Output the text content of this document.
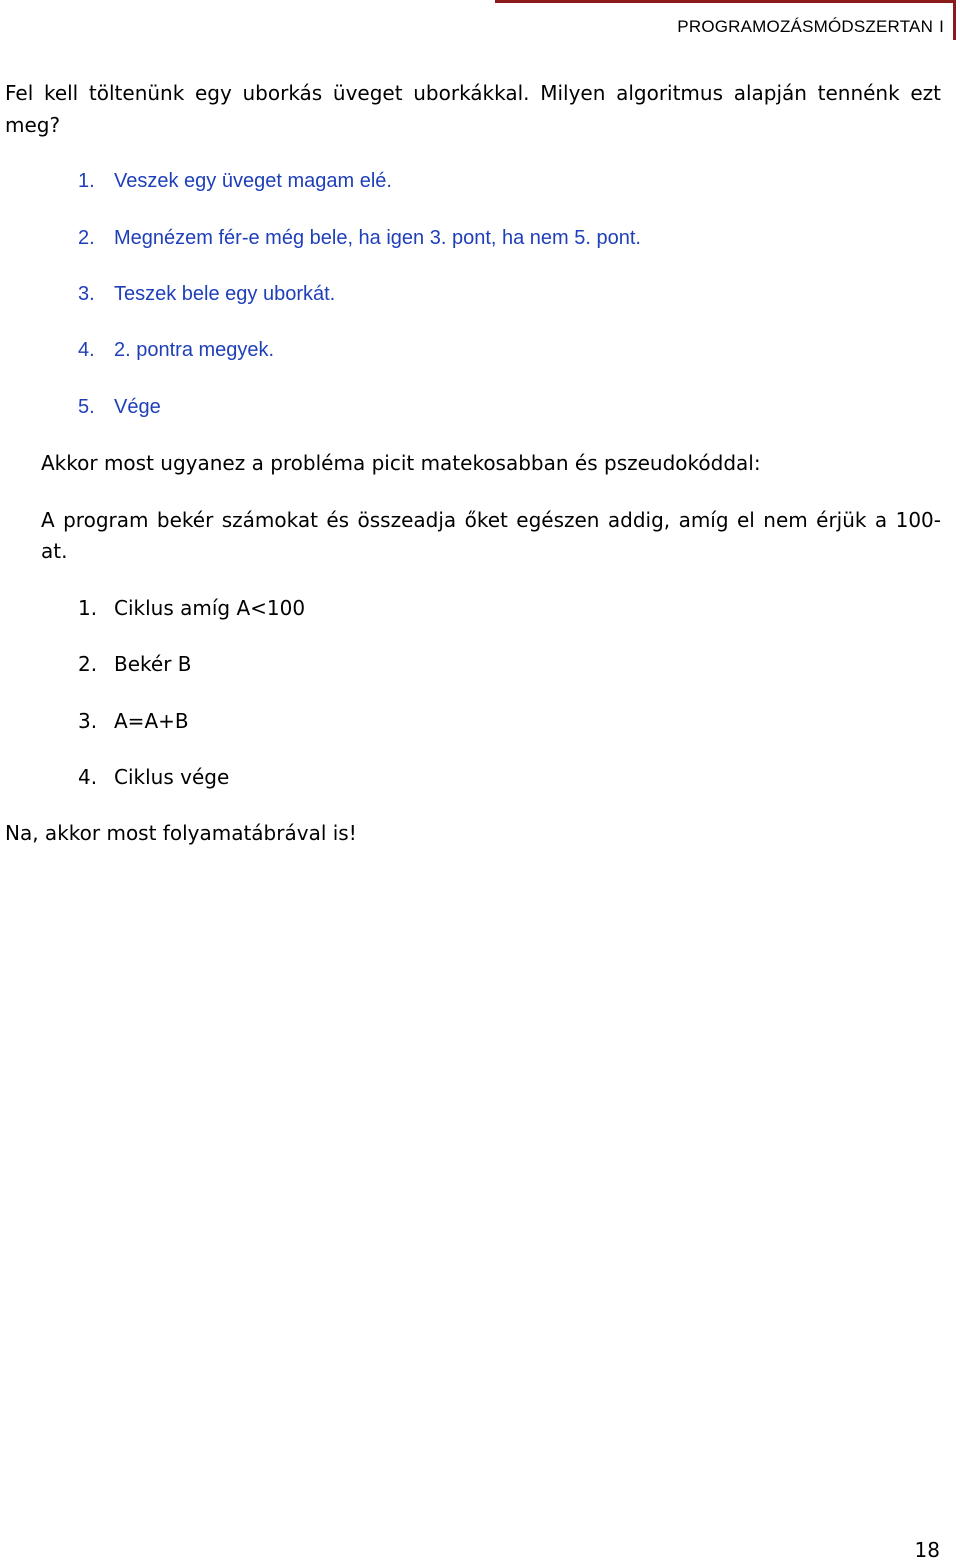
PROGRAMOZÁSMÓDSZERTAN I
Fel kell töltenünk egy uborkás üveget uborkákkal. Milyen algoritmus alapján tennénk ezt
meg?
1. Veszek egy üveget magam elé.
2. Megnézem fér-e még bele, ha igen 3. pont, ha nem 5. pont.
3. Teszek bele egy uborkát.
4. 2. pontra megyek.
5. Vége
Akkor most ugyanez a probléma picit matekosabban és pszeudokóddal:
A program bekér számokat és összeadja őket egészen addig, amíg el nem érjük a 100-
at.
1. Ciklus amíg A<100
2. Bekér B
3. A=A+B
4. Ciklus vége
Na, akkor most folyamatábrával is!
18
